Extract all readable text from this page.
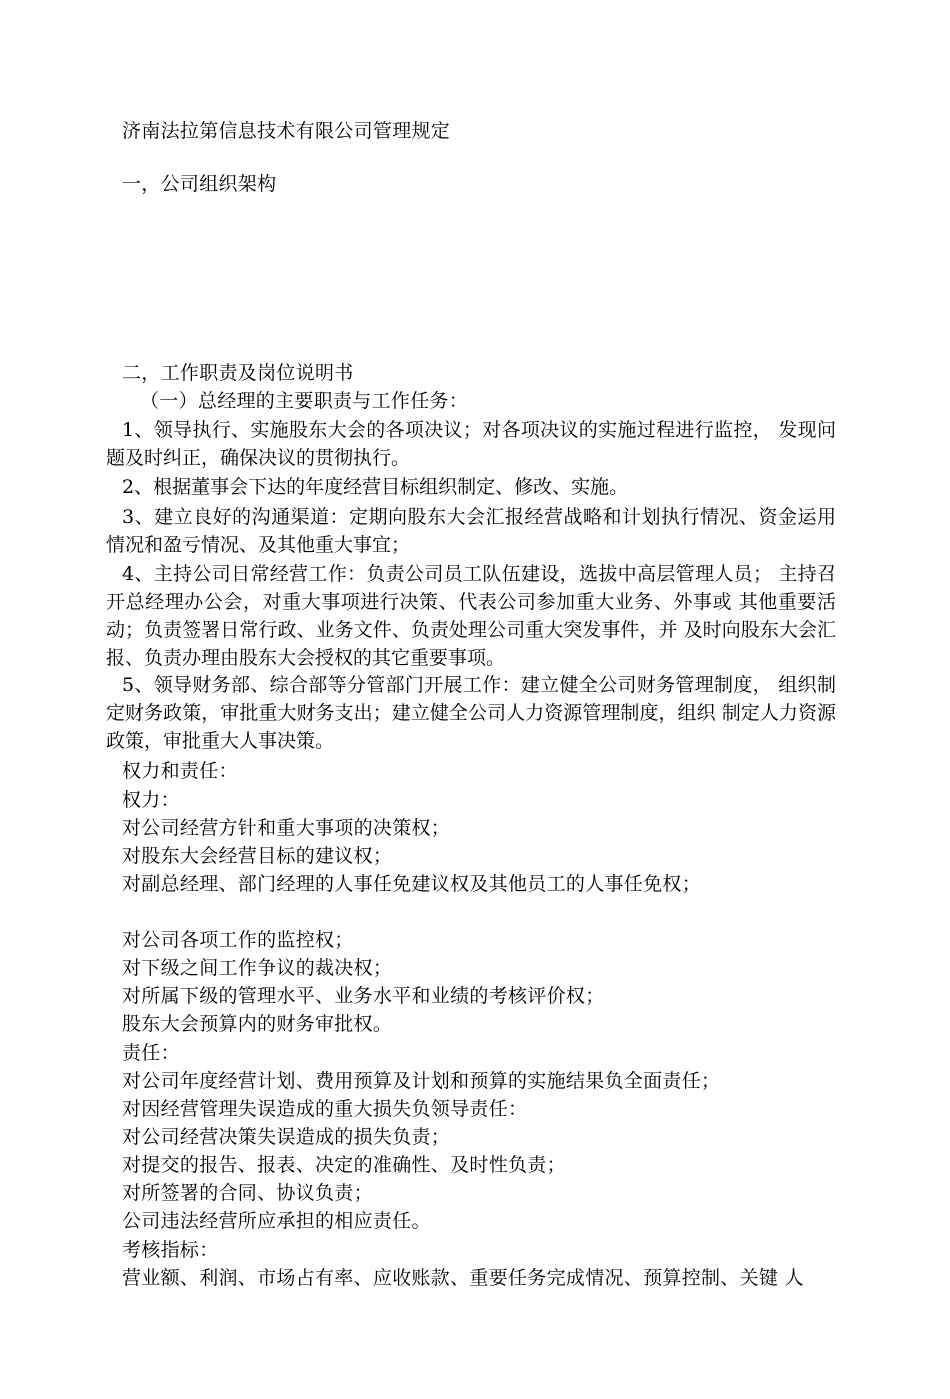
济南法拉第信息技术有限公司管理规定
一，公司组织架构
二，工作职责及岗位说明书
（一）总经理的主要职责与工作任务：
1、领导执行、实施股东大会的各项决议；对各项决议的实施过程进行监控， 发现问题及时纠正，确保决议的贯彻执行。
2、根据董事会下达的年度经营目标组织制定、修改、实施。
3、建立良好的沟通渠道：定期向股东大会汇报经营战略和计划执行情况、资金运用情况和盈亏情况、及其他重大事宜；
4、主持公司日常经营工作：负责公司员工队伍建设，选拔中高层管理人员； 主持召开总经理办公会，对重大事项进行决策、代表公司参加重大业务、外事或 其他重要活动；负责签署日常行政、业务文件、负责处理公司重大突发事件，并 及时向股东大会汇报、负责办理由股东大会授权的其它重要事项。
5、领导财务部、综合部等分管部门开展工作：建立健全公司财务管理制度， 组织制定财务政策，审批重大财务支出；建立健全公司人力资源管理制度，组织 制定人力资源政策，审批重大人事决策。
权力和责任：
权力：
对公司经营方针和重大事项的决策权；
对股东大会经营目标的建议权；
对副总经理、部门经理的人事任免建议权及其他员工的人事任免权；
对公司各项工作的监控权；
对下级之间工作争议的裁决权；
对所属下级的管理水平、业务水平和业绩的考核评价权；
股东大会预算内的财务审批权。
责任：
对公司年度经营计划、费用预算及计划和预算的实施结果负全面责任；
对因经营管理失误造成的重大损失负领导责任：
对公司经营决策失误造成的损失负责；
对提交的报告、报表、决定的准确性、及时性负责；
对所签署的合同、协议负责；
公司违法经营所应承担的相应责任。
考核指标：
营业额、利润、市场占有率、应收账款、重要任务完成情况、预算控制、关键 人
